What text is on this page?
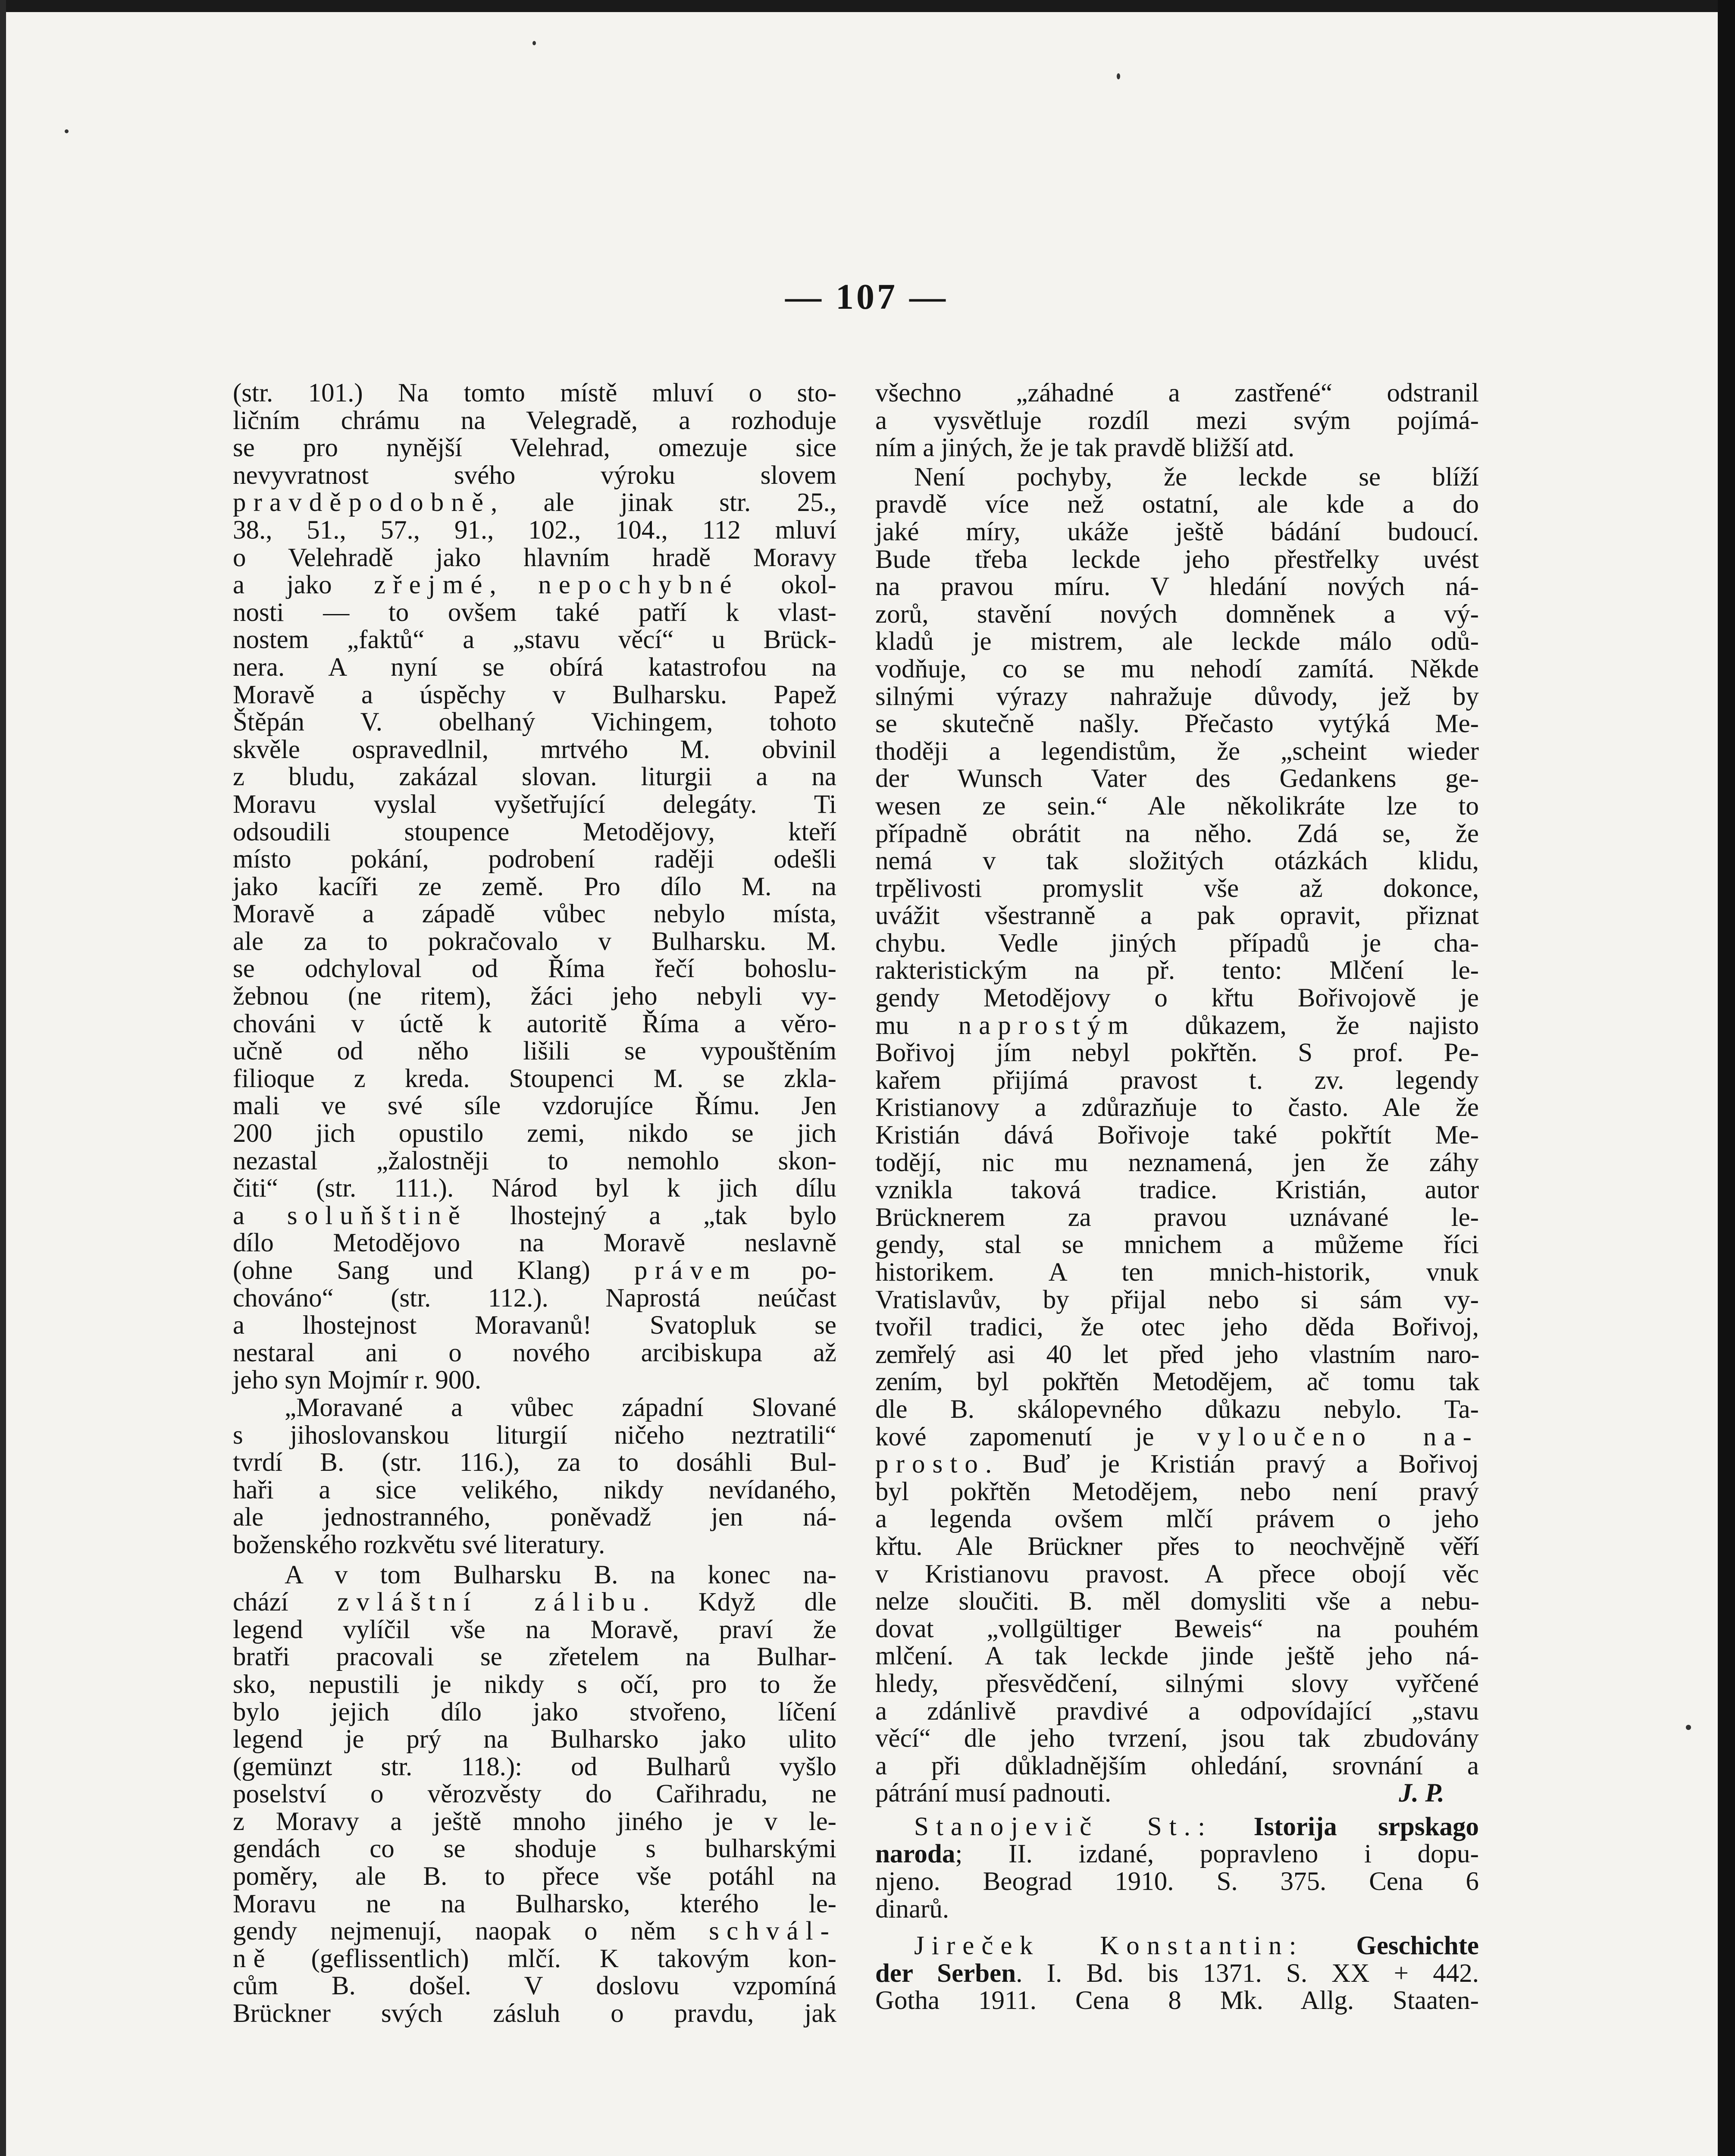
— 107 —

(str. 101.) Na tomto místě mluví o sto-
ličním chrámu na Velegradě, a rozhoduje
se pro nynější Velehrad, omezuje sice
nevyvratnost svého výroku slovem
pravděpodobně, ale jinak str. 25.,
38., 51., 57., 91., 102., 104., 112 mluví
o Velehradě jako hlavním hradě Moravy
a jako zřejmé, nepochybné okol-
nosti — to ovšem také patří k vlast-
nostem „faktů“ a „stavu věcí“ u Brück-
nera. A nyní se obírá katastrofou na
Moravě a úspěchy v Bulharsku. Papež
Štěpán V. obelhaný Vichingem, tohoto
skvěle ospravedlnil, mrtvého M. obvinil
z bludu, zakázal slovan. liturgii a na
Moravu vyslal vyšetřující delegáty. Ti
odsoudili stoupence Metodějovy, kteří
místo pokání, podrobení raději odešli
jako kacíři ze země. Pro dílo M. na
Moravě a západě vůbec nebylo místa,
ale za to pokračovalo v Bulharsku. M.
se odchyloval od Říma řečí bohoslu-
žebnou (ne ritem), žáci jeho nebyli vy-
chováni v úctě k autoritě Říma a věro-
učně od něho lišili se vypouštěním
filioque z kreda. Stoupenci M. se zkla-
mali ve své síle vzdorujíce Římu. Jen
200 jich opustilo zemi, nikdo se jich
nezastal „žalostněji to nemohlo skon-
čiti“ (str. 111.). Národ byl k jich dílu
a soluňštině lhostejný a „tak bylo
dílo Metodějovo na Moravě neslavně
(ohne Sang und Klang) právem po-
chováno“ (str. 112.). Naprostá neúčast
a lhostejnost Moravanů! Svatopluk se
nestaral ani o nového arcibiskupa až
jeho syn Mojmír r. 900.

„Moravané a vůbec západní Slované
s jihoslovanskou liturgií ničeho neztratili“
tvrdí B. (str. 116.), za to dosáhli Bul-
haři a sice velikého, nikdy nevídaného,
ale jednostranného, poněvadž jen ná-
boženského rozkvětu své literatury.

A v tom Bulharsku B. na konec na-
chází zvláštní zálibu. Když dle
legend vylíčil vše na Moravě, praví že
bratři pracovali se zřetelem na Bulhar-
sko, nepustili je nikdy s očí, pro to že
bylo jejich dílo jako stvořeno, líčení
legend je prý na Bulharsko jako ulito
(gemünzt str. 118.): od Bulharů vyšlo
poselství o věrozvěsty do Cařihradu, ne
z Moravy a ještě mnoho jiného je v le-
gendách co se shoduje s bulharskými
poměry, ale B. to přece vše potáhl na
Moravu ne na Bulharsko, kterého le-
gendy nejmenují, naopak o něm schvál-
ně (geflissentlich) mlčí. K takovým kon-
cům B. došel. V doslovu vzpomíná
Brückner svých zásluh o pravdu, jak

všechno „záhadné a zastřené“ odstranil
a vysvětluje rozdíl mezi svým pojímá-
ním a jiných, že je tak pravdě bližší atd.

Není pochyby, že leckde se blíží
pravdě více než ostatní, ale kde a do
jaké míry, ukáže ještě bádání budoucí.
Bude třeba leckde jeho přestřelky uvést
na pravou míru. V hledání nových ná-
zorů, stavění nových domněnek a vý-
kladů je mistrem, ale leckde málo odů-
vodňuje, co se mu nehodí zamítá. Někde
silnými výrazy nahražuje důvody, jež by
se skutečně našly. Přečasto vytýká Me-
thoději a legendistům, že „scheint wieder
der Wunsch Vater des Gedankens ge-
wesen ze sein.“ Ale několikráte lze to
případně obrátit na něho. Zdá se, že
nemá v tak složitých otázkách klidu,
trpělivosti promyslit vše až dokonce,
uvážit všestranně a pak opravit, přiznat
chybu. Vedle jiných případů je cha-
rakteristickým na př. tento: Mlčení le-
gendy Metodějovy o křtu Bořivojově je
mu naprostým důkazem, že najisto
Bořivoj jím nebyl pokřtěn. S prof. Pe-
kařem přijímá pravost t. zv. legendy
Kristianovy a zdůrazňuje to často. Ale že
Kristián dává Bořivoje také pokřtít Me-
todějí, nic mu neznamená, jen že záhy
vznikla taková tradice. Kristián, autor
Brücknerem za pravou uznávané le-
gendy, stal se mnichem a můžeme říci
historikem. A ten mnich-historik, vnuk
Vratislavův, by přijal nebo si sám vy-
tvořil tradici, že otec jeho děda Bořivoj,
zemřelý asi 40 let před jeho vlastním naro-
zením, byl pokřtěn Metodějem, ač tomu tak
dle B. skálopevného důkazu nebylo. Ta-
kové zapomenutí je vyloučeno na-
prosto. Buď je Kristián pravý a Bořivoj
byl pokřtěn Metodějem, nebo není pravý
a legenda ovšem mlčí právem o jeho
křtu. Ale Brückner přes to neochvějně věří
v Kristianovu pravost. A přece obojí věc
nelze sloučiti. B. měl domysliti vše a nebu-
dovat „vollgültiger Beweis“ na pouhém
mlčení. A tak leckde jinde ještě jeho ná-
hledy, přesvědčení, silnými slovy vyřčené
a zdánlivě pravdivé a odpovídající „stavu
věcí“ dle jeho tvrzení, jsou tak zbudovány
a při důkladnějším ohledání, srovnání a
pátrání musí padnouti.	J. P.

Stanojevič St.: Istorija srpskago
naroda; II. izdané, popravleno i dopu-
njeno. Beograd 1910. S. 375. Cena 6
dinarů.

Jireček Konstantin: Geschichte
der Serben. I. Bd. bis 1371. S. XX + 442.
Gotha 1911. Cena 8 Mk. Allg. Staaten-
